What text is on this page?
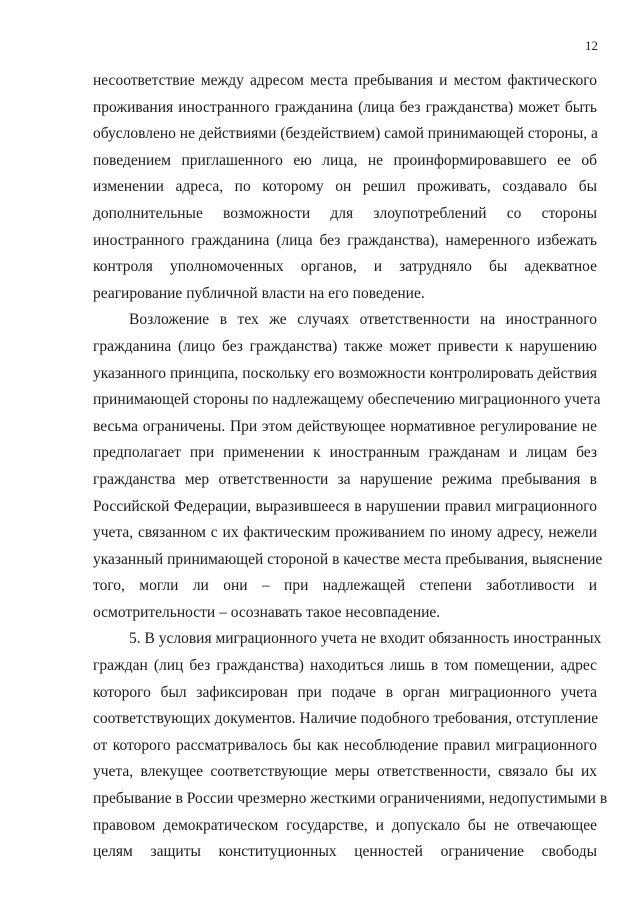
12
несоответствие между адресом места пребывания и местом фактического
проживания иностранного гражданина (лица без гражданства) может быть
обусловлено не действиями (бездействием) самой принимающей стороны, а
поведением приглашенного ею лица, не проинформировавшего ее об
изменении адреса, по которому он решил проживать, создавало бы
дополнительные возможности для злоупотреблений со стороны
иностранного гражданина (лица без гражданства), намеренного избежать
контроля уполномоченных органов, и затрудняло бы адекватное
реагирование публичной власти на его поведение.
Возложение в тех же случаях ответственности на иностранного
гражданина (лицо без гражданства) также может привести к нарушению
указанного принципа, поскольку его возможности контролировать действия
принимающей стороны по надлежащему обеспечению миграционного учета
весьма ограничены. При этом действующее нормативное регулирование не
предполагает при применении к иностранным гражданам и лицам без
гражданства мер ответственности за нарушение режима пребывания в
Российской Федерации, выразившееся в нарушении правил миграционного
учета, связанном с их фактическим проживанием по иному адресу, нежели
указанный принимающей стороной в качестве места пребывания, выяснение
того, могли ли они – при надлежащей степени заботливости и
осмотрительности – осознавать такое несовпадение.
5. В условия миграционного учета не входит обязанность иностранных
граждан (лиц без гражданства) находиться лишь в том помещении, адрес
которого был зафиксирован при подаче в орган миграционного учета
соответствующих документов. Наличие подобного требования, отступление
от которого рассматривалось бы как несоблюдение правил миграционного
учета, влекущее соответствующие меры ответственности, связало бы их
пребывание в России чрезмерно жесткими ограничениями, недопустимыми в
правовом демократическом государстве, и допускало бы не отвечающее
целям защиты конституционных ценностей ограничение свободы
